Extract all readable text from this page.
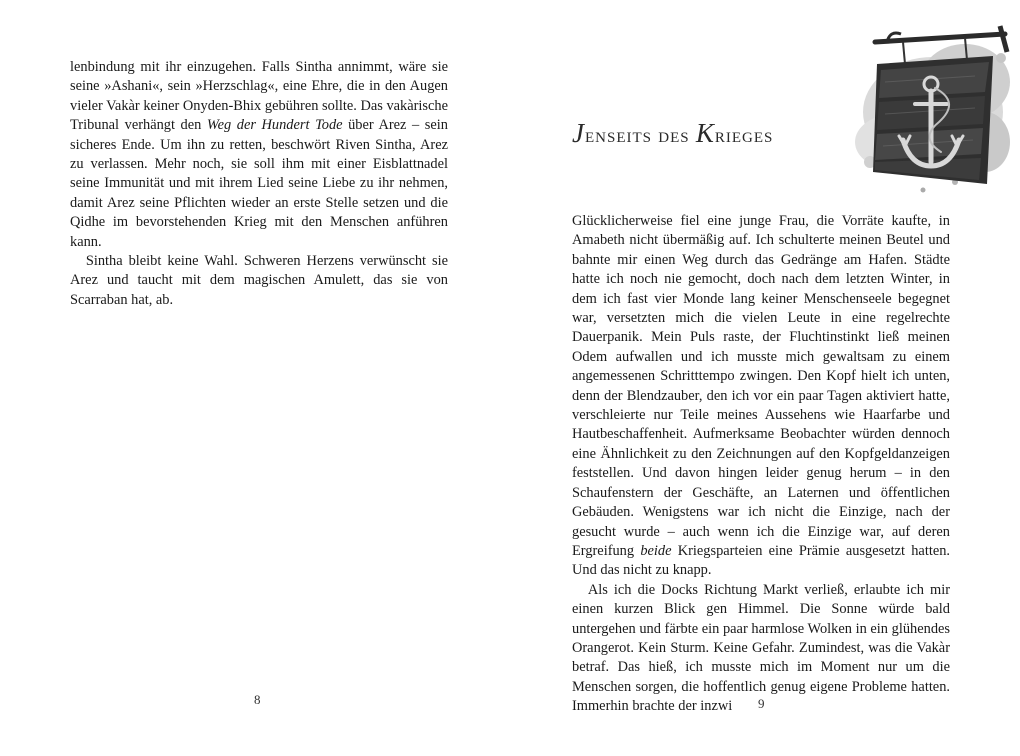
lenbindung mit ihr einzugehen. Falls Sintha annimmt, wäre sie seine »Ashani«, sein »Herzschlag«, eine Ehre, die in den Augen vieler Vakàr keiner Onyden-Bhix gebühren sollte. Das vakàrische Tribunal verhängt den Weg der Hundert Tode über Arez – sein sicheres Ende. Um ihn zu retten, beschwört Riven Sintha, Arez zu verlassen. Mehr noch, sie soll ihm mit einer Eisblattnadel seine Immunität und mit ihrem Lied seine Liebe zu ihr nehmen, damit Arez seine Pflichten wieder an erste Stelle setzen und die Qidhe im bevorstehenden Krieg mit den Menschen anführen kann.

Sintha bleibt keine Wahl. Schweren Herzens verwünscht sie Arez und taucht mit dem magischen Amulett, das sie von Scarraban hat, ab.

8
Jenseits des Krieges

Glücklicherweise fiel eine junge Frau, die Vorräte kaufte, in Amabeth nicht übermäßig auf. Ich schulterte meinen Beutel und bahnte mir einen Weg durch das Gedränge am Hafen. Städte hatte ich noch nie gemocht, doch nach dem letzten Winter, in dem ich fast vier Monde lang keiner Menschenseele begegnet war, versetzten mich die vielen Leute in eine regelrechte Dauerpanik. Mein Puls raste, der Fluchtinstinkt ließ meinen Odem aufwallen und ich musste mich gewaltsam zu einem angemessenen Schritttempo zwingen. Den Kopf hielt ich unten, denn der Blendzauber, den ich vor ein paar Tagen aktiviert hatte, verschleierte nur Teile meines Aussehens wie Haarfarbe und Hautbeschaffenheit. Aufmerksame Beobachter würden dennoch eine Ähnlichkeit zu den Zeichnungen auf den Kopfgeldanzeigen feststellen. Und davon hingen leider genug herum – in den Schaufenstern der Geschäfte, an Laternen und öffentlichen Gebäuden. Wenigstens war ich nicht die Einzige, nach der gesucht wurde – auch wenn ich die Einzige war, auf deren Ergreifung beide Kriegsparteien eine Prämie ausgesetzt hatten. Und das nicht zu knapp.

Als ich die Docks Richtung Markt verließ, erlaubte ich mir einen kurzen Blick gen Himmel. Die Sonne würde bald untergehen und färbte ein paar harmlose Wolken in ein glühendes Orangerot. Kein Sturm. Keine Gefahr. Zumindest, was die Vakàr betraf. Das hieß, ich musste mich im Moment nur um die Menschen sorgen, die hoffentlich genug eigene Probleme hatten. Immerhin brachte der inzwi	9
